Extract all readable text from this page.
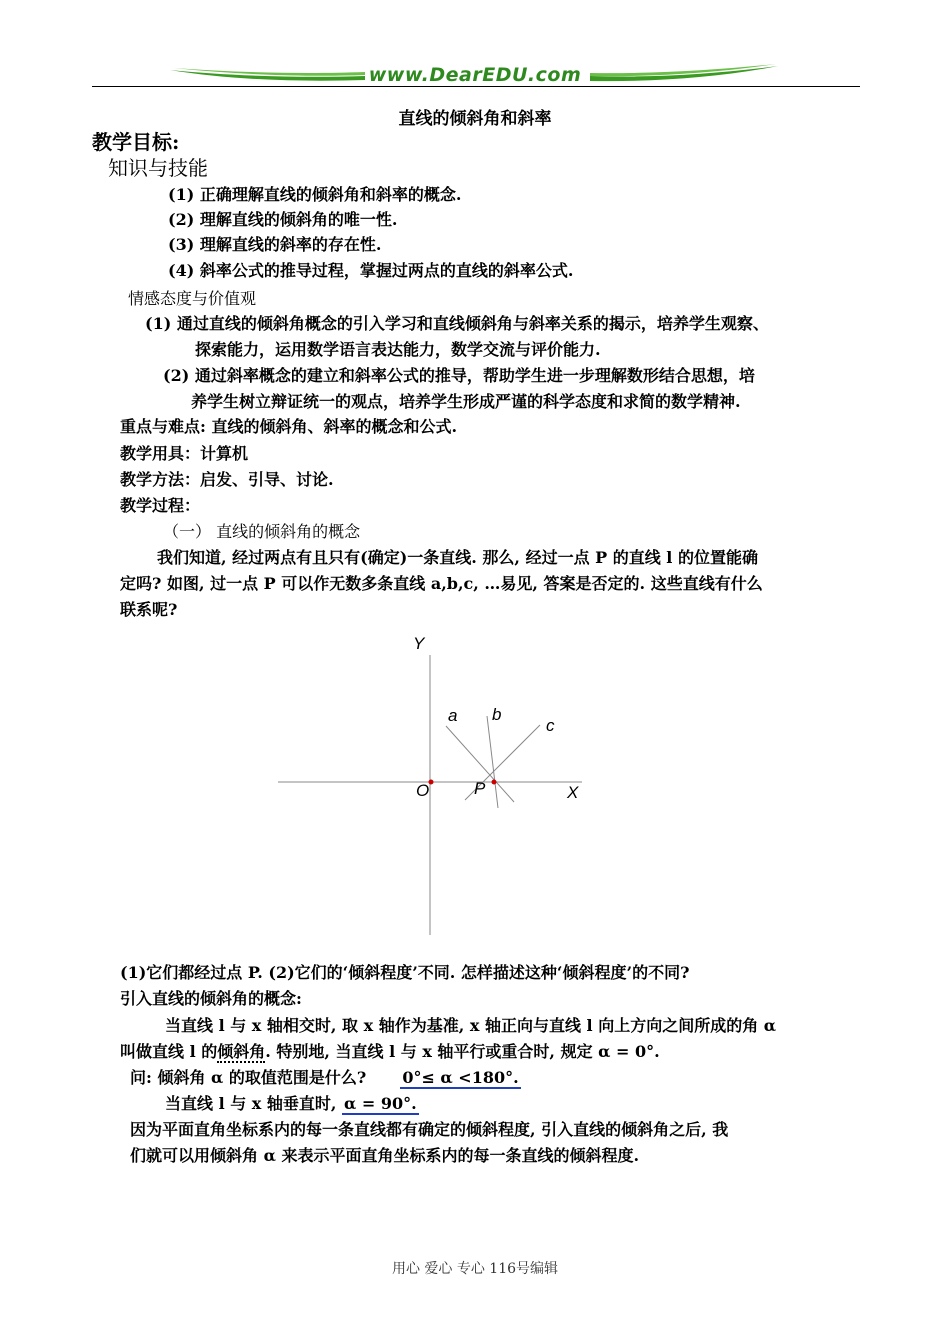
www.DearEDU.com
直线的倾斜角和斜率
教学目标:
知识与技能
(1) 正确理解直线的倾斜角和斜率的概念.
(2) 理解直线的倾斜角的唯一性.
(3) 理解直线的斜率的存在性.
(4) 斜率公式的推导过程，掌握过两点的直线的斜率公式.
情感态度与价值观
(1) 通过直线的倾斜角概念的引入学习和直线倾斜角与斜率关系的揭示，培养学生观察、
探索能力，运用数学语言表达能力，数学交流与评价能力.
(2) 通过斜率概念的建立和斜率公式的推导，帮助学生进一步理解数形结合思想，培
养学生树立辩证统一的观点，培养学生形成严谨的科学态度和求简的数学精神.
重点与难点: 直线的倾斜角、斜率的概念和公式.
教学用具：计算机
教学方法：启发、引导、讨论.
教学过程：
（一） 直线的倾斜角的概念
我们知道, 经过两点有且只有(确定)一条直线. 那么, 经过一点 P 的直线 l 的位置能确
定吗? 如图, 过一点 P 可以作无数多条直线 a,b,c, …易见, 答案是否定的. 这些直线有什么
联系呢?
Y
X
O	P
a b
c
(1)它们都经过点 P. (2)它们的‘倾斜程度’不同. 怎样描述这种‘倾斜程度’的不同?
引入直线的倾斜角的概念:
当直线 l 与 x 轴相交时, 取 x 轴作为基准, x 轴正向与直线 l 向上方向之间所成的角 α
叫做直线 l 的倾斜角. 特别地, 当直线 l 与 x 轴平行或重合时, 规定 α = 0°.
问: 倾斜角 α 的取值范围是什么? 0°≤ α <180°.
当直线 l 与 x 轴垂直时, α = 90°.
因为平面直角坐标系内的每一条直线都有确定的倾斜程度, 引入直线的倾斜角之后, 我
们就可以用倾斜角 α 来表示平面直角坐标系内的每一条直线的倾斜程度.
用心 爱心 专心 116号编辑
